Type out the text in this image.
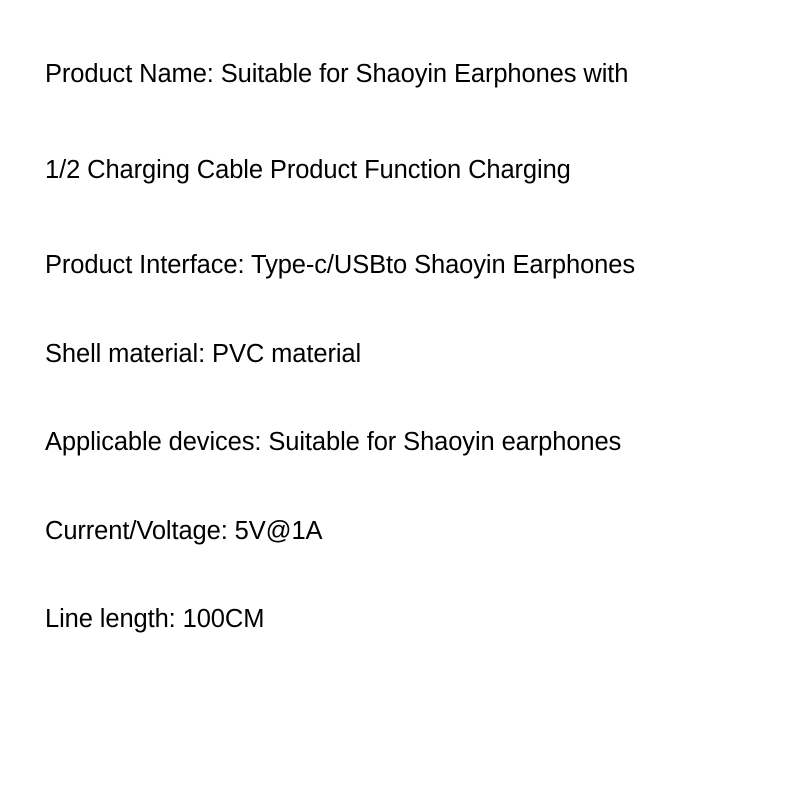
Product Name: Suitable for Shaoyin Earphones with

1/2 Charging Cable Product Function Charging

Product Interface: Type-c/USBto Shaoyin Earphones

Shell material: PVC material

Applicable devices: Suitable for Shaoyin earphones

Current/Voltage: 5V@1A

Line length: 100CM
